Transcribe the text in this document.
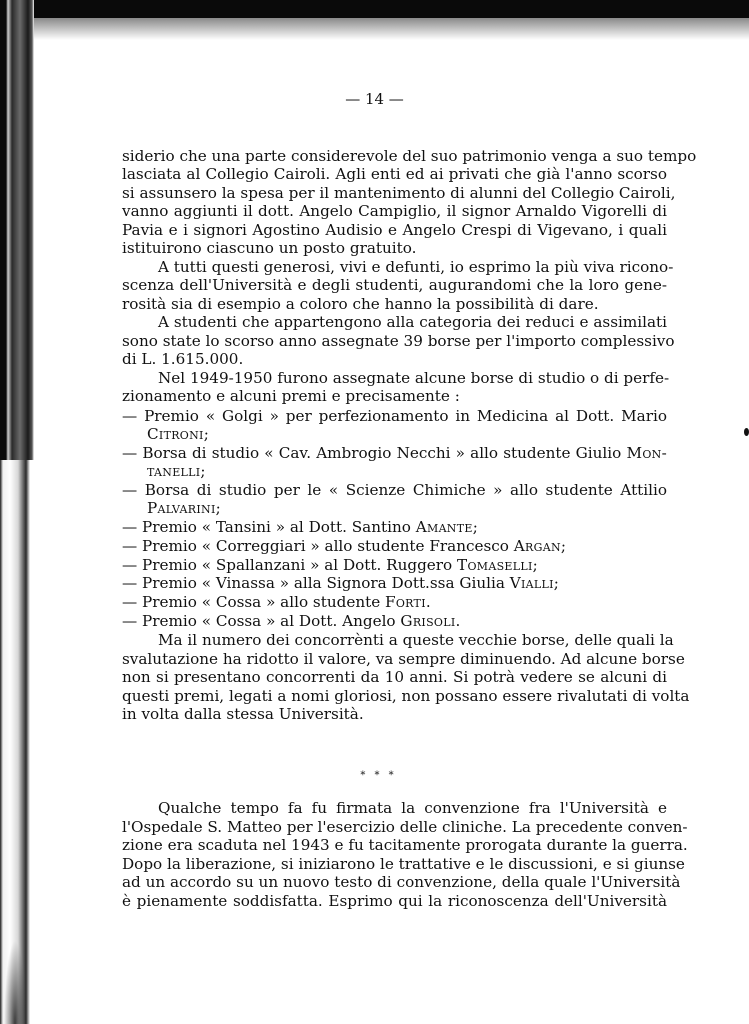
— 14 —
siderio che una parte considerevole del suo patrimonio venga a suo tempo
lasciata al Collegio Cairoli. Agli enti ed ai privati che già l'anno scorso
si assunsero la spesa per il mantenimento di alunni del Collegio Cairoli,
vanno aggiunti il dott. Angelo Campiglio, il signor Arnaldo Vigorelli di
Pavia e i signori Agostino Audisio e Angelo Crespi di Vigevano, i quali
istituirono ciascuno un posto gratuito.
A tutti questi generosi, vivi e defunti, io esprimo la più viva ricono-
scenza dell'Università e degli studenti, augurandomi che la loro gene-
rosità sia di esempio a coloro che hanno la possibilità di dare.
A studenti che appartengono alla categoria dei reduci e assimilati
sono state lo scorso anno assegnate 39 borse per l'importo complessivo
di L. 1.615.000.
Nel 1949-1950 furono assegnate alcune borse di studio o di perfe-
zionamento e alcuni premi e precisamente :
— Premio « Golgi » per perfezionamento in Medicina al Dott. Mario
Citroni;
— Borsa di studio « Cav. Ambrogio Necchi » allo studente Giulio Mon-
tanelli;
— Borsa di studio per le « Scienze Chimiche » allo studente Attilio
Palvarini;
— Premio « Tansini » al Dott. Santino Amante;
— Premio « Correggiari » allo studente Francesco Argan;
— Premio « Spallanzani » al Dott. Ruggero Tomaselli;
— Premio « Vinassa » alla Signora Dott.ssa Giulia Vialli;
— Premio « Cossa » allo studente Forti.
— Premio « Cossa » al Dott. Angelo Grisoli.
Ma il numero dei concorrènti a queste vecchie borse, delle quali la
svalutazione ha ridotto il valore, va sempre diminuendo. Ad alcune borse
non si presentano concorrenti da 10 anni. Si potrà vedere se alcuni di
questi premi, legati a nomi gloriosi, non possano essere rivalutati di volta
in volta dalla stessa Università.
* * *
Qualche tempo fa fu firmata la convenzione fra l'Università e
l'Ospedale S. Matteo per l'esercizio delle cliniche. La precedente conven-
zione era scaduta nel 1943 e fu tacitamente prorogata durante la guerra.
Dopo la liberazione, si iniziarono le trattative e le discussioni, e si giunse
ad un accordo su un nuovo testo di convenzione, della quale l'Università
è pienamente soddisfatta. Esprimo qui la riconoscenza dell'Università
